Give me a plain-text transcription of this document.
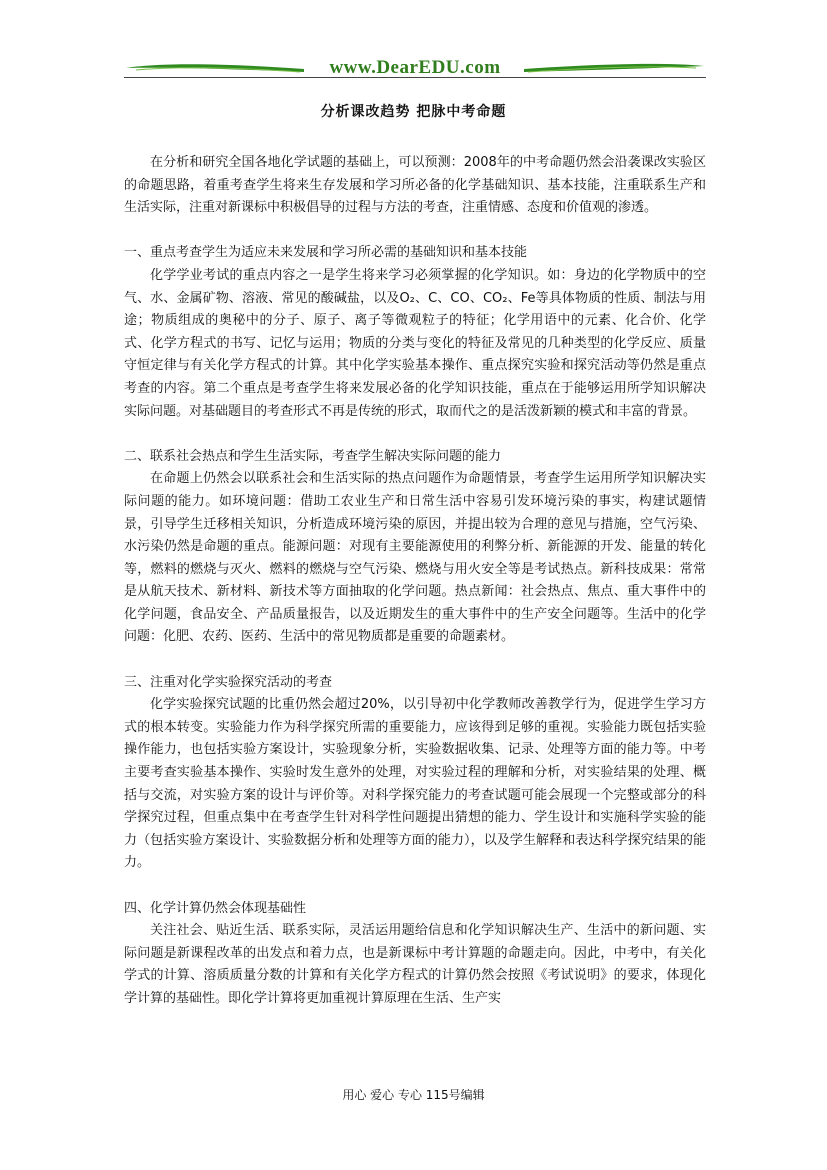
www.DearEDU.com
分析课改趋势 把脉中考命题

在分析和研究全国各地化学试题的基础上，可以预测：2008年的中考命题仍然会沿袭课改实验区的命题思路，着重考查学生将来生存发展和学习所必备的化学基础知识、基本技能，注重联系生产和生活实际，注重对新课标中积极倡导的过程与方法的考查，注重情感、态度和价值观的渗透。

一、重点考查学生为适应未来发展和学习所必需的基础知识和基本技能

化学学业考试的重点内容之一是学生将来学习必须掌握的化学知识。如：身边的化学物质中的空气、水、金属矿物、溶液、常见的酸碱盐，以及O₂、C、CO、CO₂、Fe等具体物质的性质、制法与用途；物质组成的奥秘中的分子、原子、离子等微观粒子的特征；化学用语中的元素、化合价、化学式、化学方程式的书写、记忆与运用；物质的分类与变化的特征及常见的几种类型的化学反应、质量守恒定律与有关化学方程式的计算。其中化学实验基本操作、重点探究实验和探究活动等仍然是重点考查的内容。第二个重点是考查学生将来发展必备的化学知识技能，重点在于能够运用所学知识解决实际问题。对基础题目的考查形式不再是传统的形式，取而代之的是活泼新颖的模式和丰富的背景。

二、联系社会热点和学生生活实际，考查学生解决实际问题的能力

在命题上仍然会以联系社会和生活实际的热点问题作为命题情景，考查学生运用所学知识解决实际问题的能力。如环境问题：借助工农业生产和日常生活中容易引发环境污染的事实，构建试题情景，引导学生迁移相关知识，分析造成环境污染的原因，并提出较为合理的意见与措施，空气污染、水污染仍然是命题的重点。能源问题：对现有主要能源使用的利弊分析、新能源的开发、能量的转化等，燃料的燃烧与灭火、燃料的燃烧与空气污染、燃烧与用火安全等是考试热点。新科技成果：常常是从航天技术、新材料、新技术等方面抽取的化学问题。热点新闻：社会热点、焦点、重大事件中的化学问题，食品安全、产品质量报告，以及近期发生的重大事件中的生产安全问题等。生活中的化学问题：化肥、农药、医药、生活中的常见物质都是重要的命题素材。

三、注重对化学实验探究活动的考查

化学实验探究试题的比重仍然会超过20%，以引导初中化学教师改善教学行为，促进学生学习方式的根本转变。实验能力作为科学探究所需的重要能力，应该得到足够的重视。实验能力既包括实验操作能力，也包括实验方案设计，实验现象分析，实验数据收集、记录、处理等方面的能力等。中考主要考查实验基本操作、实验时发生意外的处理，对实验过程的理解和分析，对实验结果的处理、概括与交流，对实验方案的设计与评价等。对科学探究能力的考查试题可能会展现一个完整或部分的科学探究过程，但重点集中在考查学生针对科学性问题提出猜想的能力、学生设计和实施科学实验的能力（包括实验方案设计、实验数据分析和处理等方面的能力），以及学生解释和表达科学探究结果的能力。

四、化学计算仍然会体现基础性

关注社会、贴近生活、联系实际，灵活运用题给信息和化学知识解决生产、生活中的新问题、实际问题是新课程改革的出发点和着力点，也是新课标中考计算题的命题走向。因此，中考中，有关化学式的计算、溶质质量分数的计算和有关化学方程式的计算仍然会按照《考试说明》的要求，体现化学计算的基础性。即化学计算将更加重视计算原理在生活、生产实

用心 爱心 专心 115号编辑
